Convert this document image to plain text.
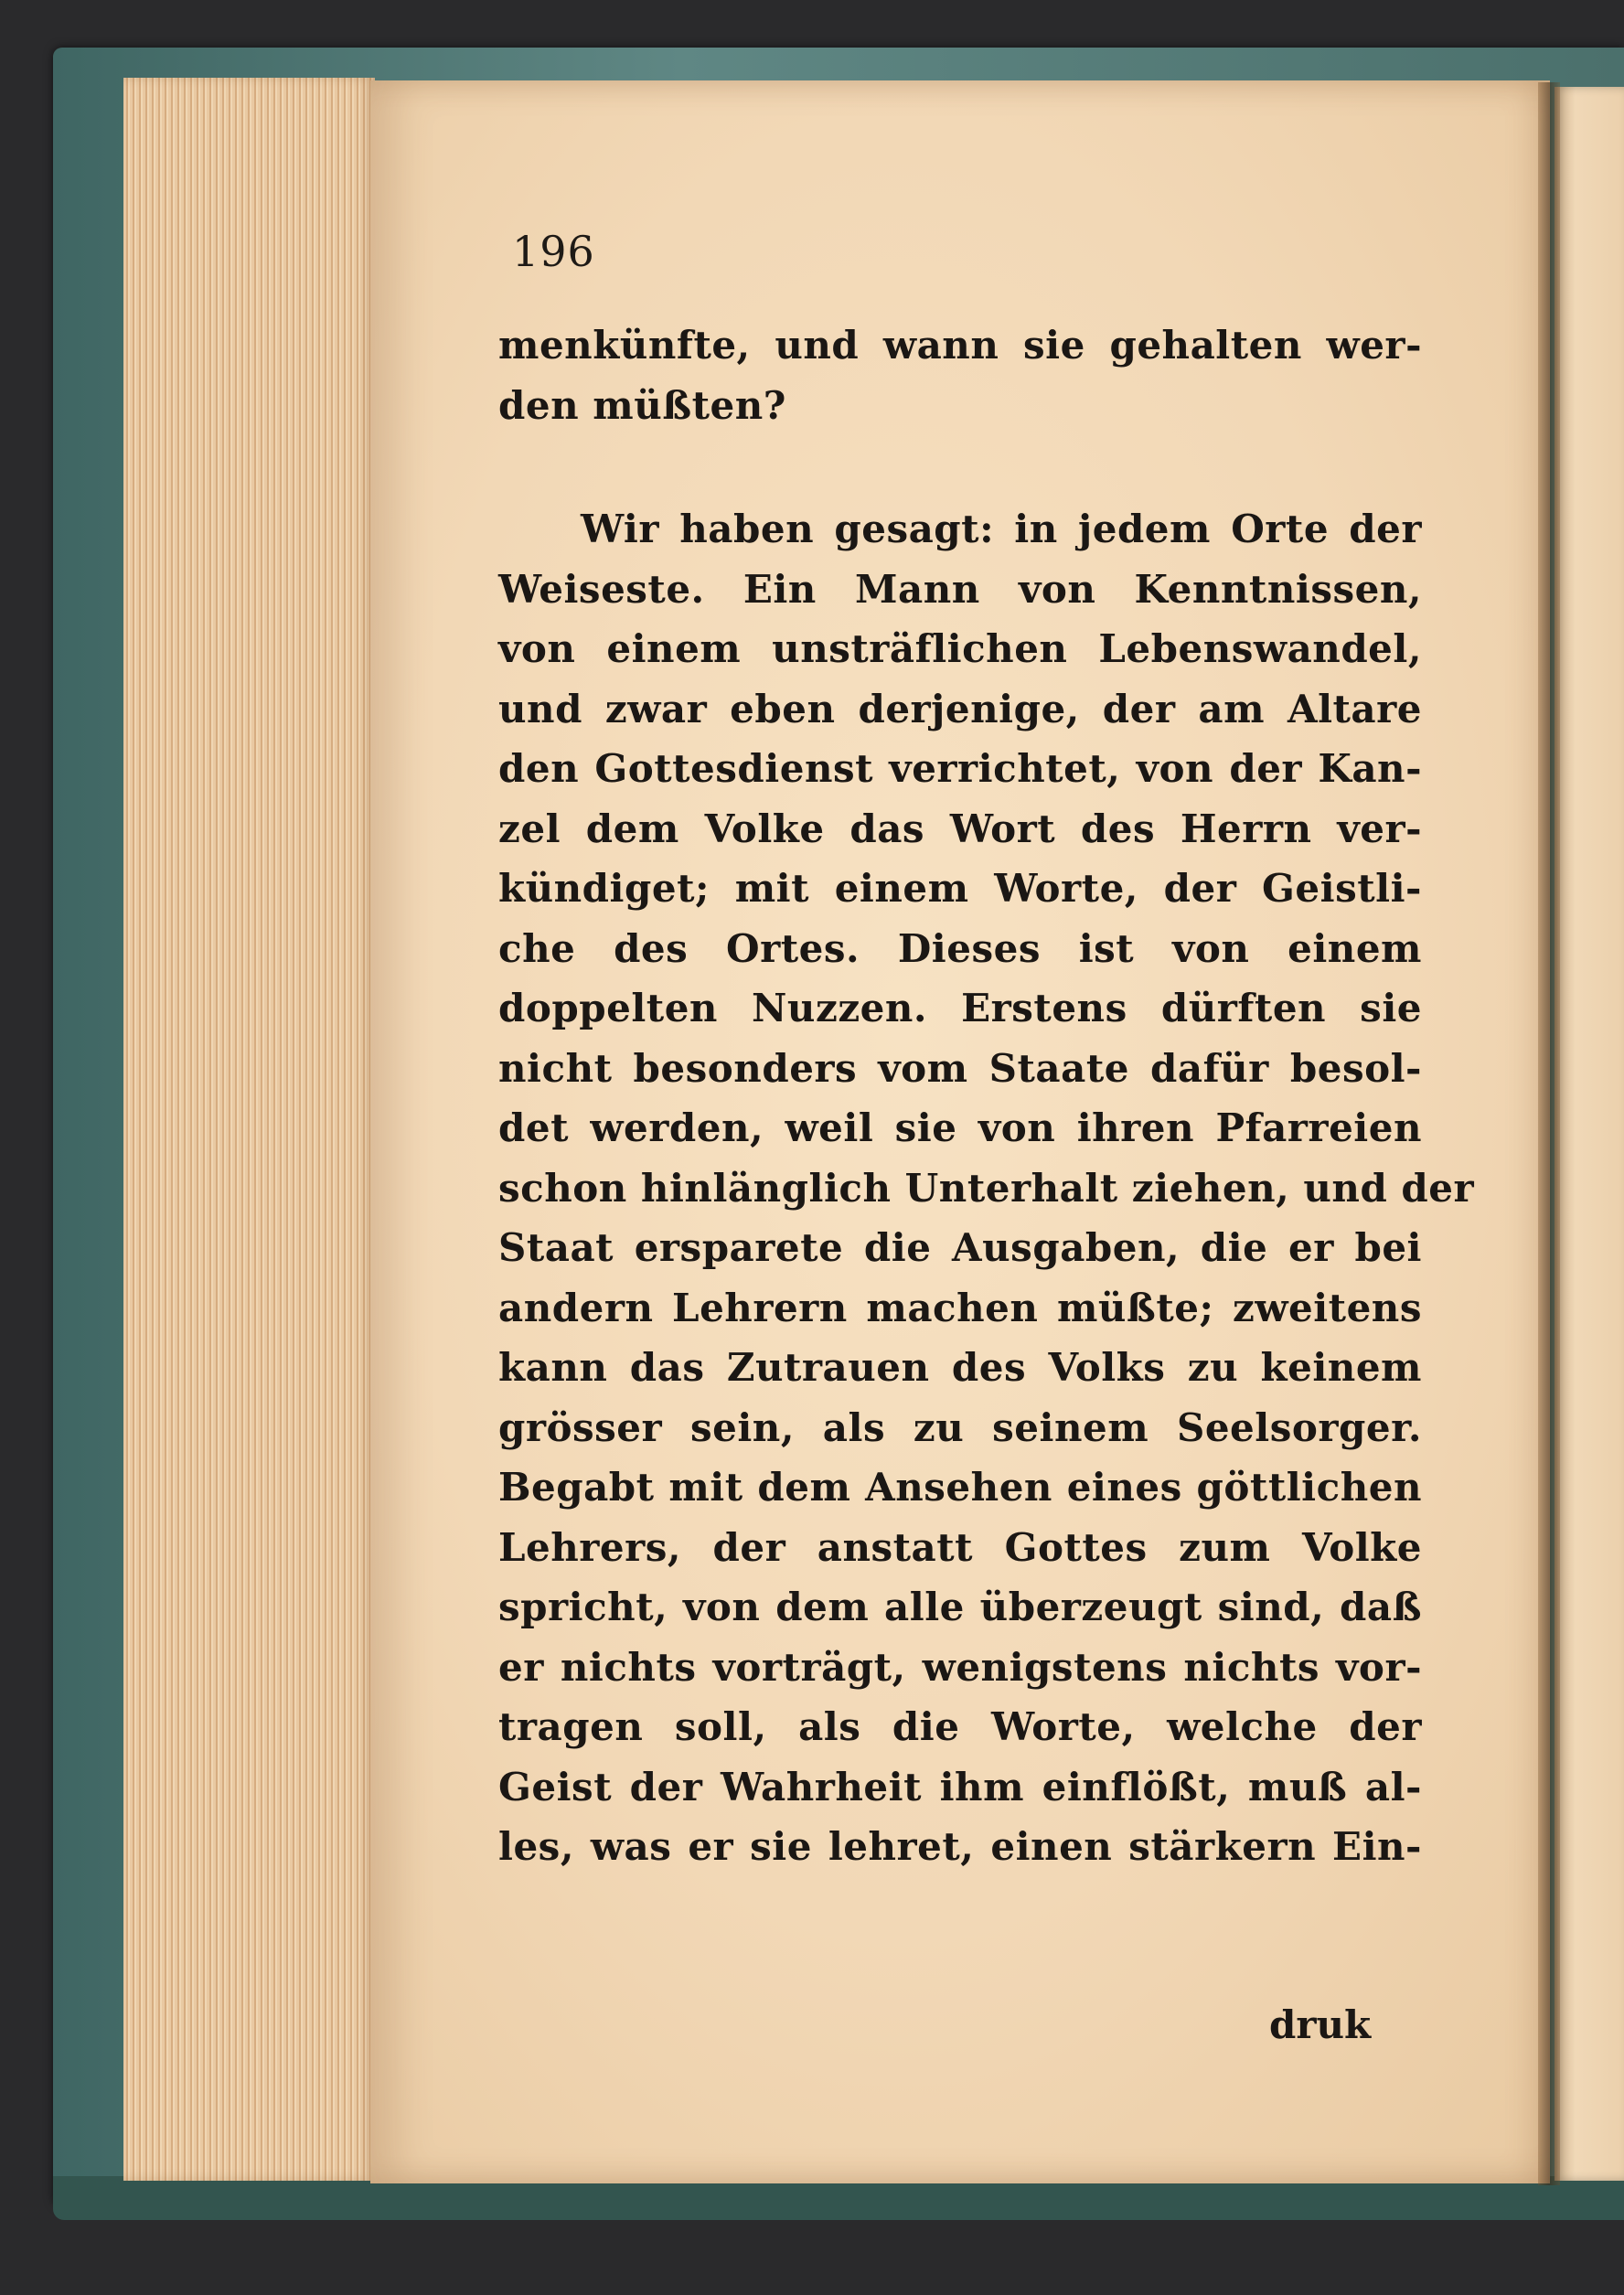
196
menkünfte, und wann sie gehalten wer-
den müßten?
Wir haben gesagt: in jedem Orte der
Weiseste. Ein Mann von Kenntnissen,
von einem unsträflichen Lebenswandel,
und zwar eben derjenige, der am Altare
den Gottesdienst verrichtet, von der Kan-
zel dem Volke das Wort des Herrn ver-
kündiget; mit einem Worte, der Geistli-
che des Ortes. Dieses ist von einem
doppelten Nuzzen. Erstens dürften sie
nicht besonders vom Staate dafür besol-
det werden, weil sie von ihren Pfarreien
schon hinlänglich Unterhalt ziehen, und der
Staat ersparete die Ausgaben, die er bei
andern Lehrern machen müßte; zweitens
kann das Zutrauen des Volks zu keinem
grösser sein, als zu seinem Seelsorger.
Begabt mit dem Ansehen eines göttlichen
Lehrers, der anstatt Gottes zum Volke
spricht, von dem alle überzeugt sind, daß
er nichts vorträgt, wenigstens nichts vor-
tragen soll, als die Worte, welche der
Geist der Wahrheit ihm einflößt, muß al-
les, was er sie lehret, einen stärkern Ein-
druk
